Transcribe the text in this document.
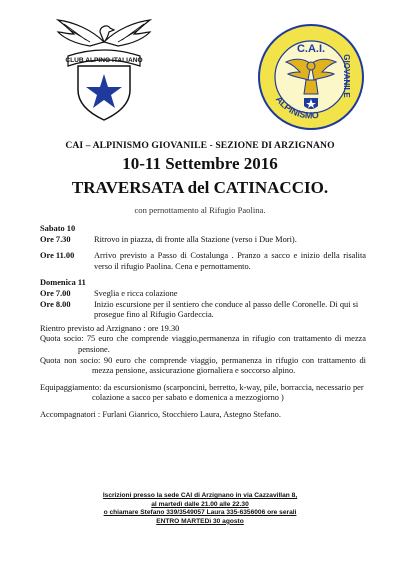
CLUB ALPINO ITALIANO
ALPINISMO
GIOVANILE
C.A.I.
CAI – ALPINISMO GIOVANILE - SEZIONE DI ARZIGNANO
10-11 Settembre 2016
TRAVERSATA del CATINACCIO.
con pernottamento al Rifugio Paolina.
Sabato 10
Ore 7.30	Ritrovo in piazza, di fronte alla Stazione (verso i Due Mori).
Ore 11.00	Arrivo previsto a Passo di Costalunga . Pranzo a sacco e inizio della risalita verso il rifugio Paolina. Cena e pernottamento.
Domenica 11
Ore 7.00	Sveglia e ricca colazione
Ore 8.00	Inizio escursione per il sentiero che conduce al passo delle Coronelle. Di qui si prosegue fino al Rifugio Gardeccia.
Rientro previsto ad Arzignano : ore 19.30
Quota socio: 75 euro che comprende viaggio,permanenza in rifugio con trattamento di mezza pensione.
Quota non socio: 90 euro che comprende viaggio, permanenza in rifugio con trattamento di mezza pensione, assicurazione giornaliera e soccorso alpino.
Equipaggiamento: da escursionismo (scarponcini, berretto, k-way, pile, borraccia, necessario per colazione a sacco per sabato e domenica a mezzogiorno )
Accompagnatori : Furlani Gianrico, Stocchiero Laura, Astegno Stefano.
Iscrizioni presso la sede CAI di Arzignano in via Cazzavillan 8,
al martedì dalle 21.00 alle 22.30
o chiamare Stefano 339/3549057 Laura 335-6356006 ore serali
ENTRO MARTEDì 30 agosto
